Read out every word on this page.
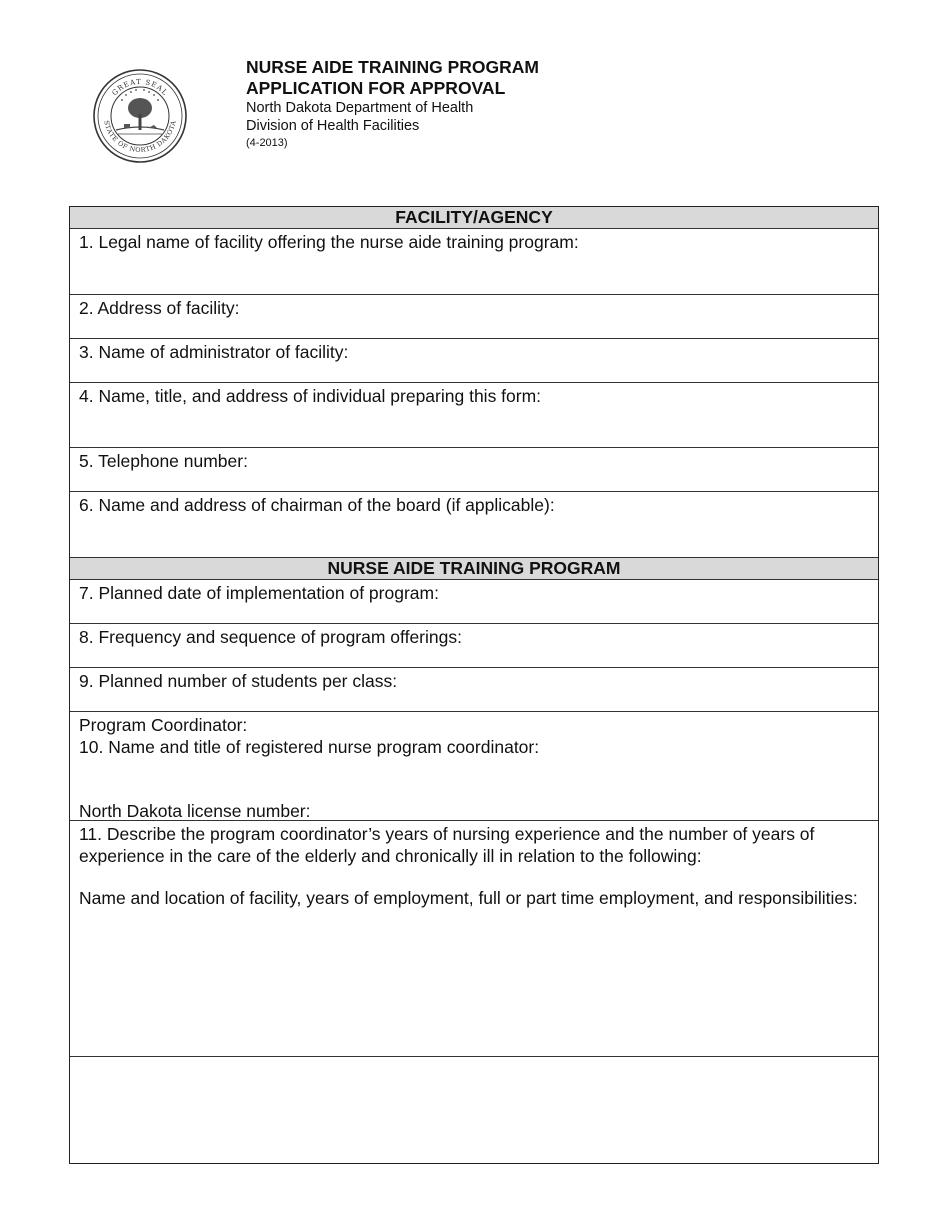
GREAT SEAL
STATE OF NORTH DAKOTA
NURSE AIDE TRAINING PROGRAM
APPLICATION FOR APPROVAL
North Dakota Department of Health
Division of Health Facilities
(4-2013)
FACILITY/AGENCY
1. Legal name of facility offering the nurse aide training program:
2. Address of facility:
3. Name of administrator of facility:
4. Name, title, and address of individual preparing this form:
5. Telephone number:
6. Name and address of chairman of the board (if applicable):
NURSE AIDE TRAINING PROGRAM
7. Planned date of implementation of program:
8. Frequency and sequence of program offerings:
9. Planned number of students per class:
Program Coordinator:
10. Name and title of registered nurse program coordinator:
North Dakota license number:
11. Describe the program coordinator’s years of nursing experience and the number of years of experience in the care of the elderly and chronically ill in relation to the following:
Name and location of facility, years of employment, full or part time employment, and responsibilities:
